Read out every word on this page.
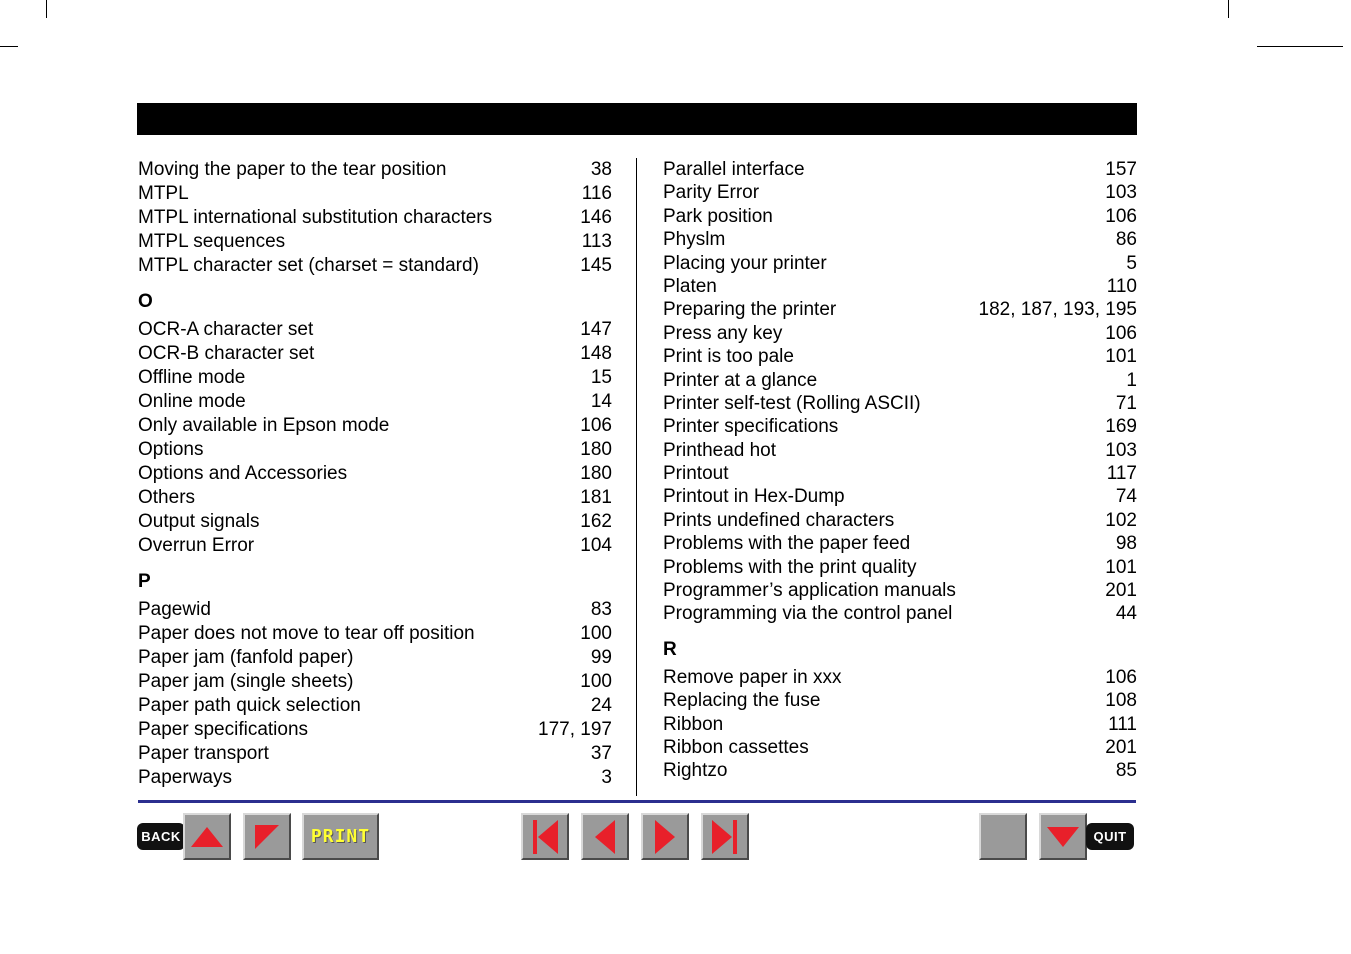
Moving the paper to the tear position	38
MTPL	116
MTPL international substitution characters	146
MTPL sequences	113
MTPL character set (charset = standard)	145
O
OCR-A character set	147
OCR-B character set	148
Offline mode	15
Online mode	14
Only available in Epson mode	106
Options	180
Options and Accessories	180
Others	181
Output signals	162
Overrun Error	104
P
Pagewid	83
Paper does not move to tear off position	100
Paper jam (fanfold paper)	99
Paper jam (single sheets)	100
Paper path quick selection	24
Paper specifications	177, 197
Paper transport	37
Paperways	3
Parallel interface	157
Parity Error	103
Park position	106
Physlm	86
Placing your printer	5
Platen	110
Preparing the printer	182, 187, 193, 195
Press any key	106
Print is too pale	101
Printer at a glance	1
Printer self-test (Rolling ASCII)	71
Printer specifications	169
Printhead hot	103
Printout	117
Printout in Hex-Dump	74
Prints undefined characters	102
Problems with the paper feed	98
Problems with the print quality	101
Programmer’s application manuals	201
Programming via the control panel	44
R
Remove paper in xxx	106
Replacing the fuse	108
Ribbon	111
Ribbon cassettes	201
Rightzo	85
BACK	PRINT	QUIT
